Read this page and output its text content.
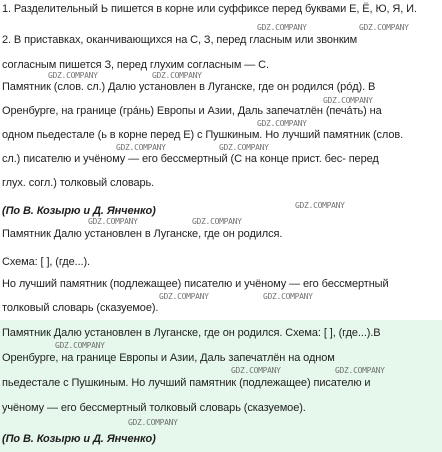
1. Разделительный Ь пишется в корне или суффиксе перед буквами Е, Ё, Ю, Я, И.
2. В приставках, оканчивающихся на С, З, перед гласным или звонким
согласным пишется З, перед глухим согласным — С.
Памятник (слов. сл.) Далю установлен в Луганске, где он родился (рóд). В
Оренбурге, на границе (грáнь) Европы и Азии, Даль запечатлён (печáть) на
одном пьедестале (ь в корне перед Е) с Пушкиным. Но лучший памятник (слов.
сл.) писателю и учёному — его бессмертный (С на конце прист. бес- перед
глух. согл.) толковый словарь.
(По В. Козырю и Д. Янченко)
Памятник Далю установлен в Луганске, где он родился.
Схема: [ ], (где...).
Но лучший памятник (подлежащее) писателю и учёному — его бессмертный
толковый словарь (сказуемое).
Памятник Далю установлен в Луганске, где он родился. Схема: [ ], (где...).В
Оренбурге, на границе Европы и Азии, Даль запечатлён на одном
пьедестале с Пушкиным. Но лучший памятник (подлежащее) писателю и
учёному — его бессмертный толковый словарь (сказуемое).
(По В. Козырю и Д. Янченко)
GDZ.COMPANY	GDZ.COMPANY
GDZ.COMPANY	GDZ.COMPANY
GDZ.COMPANY
GDZ.COMPANY
GDZ.COMPANY	GDZ.COMPANY
GDZ.COMPANY
GDZ.COMPANY	GDZ.COMPANY
GDZ.COMPANY	GDZ.COMPANY
GDZ.COMPANY
GDZ.COMPANY	GDZ.COMPANY
GDZ.COMPANY
